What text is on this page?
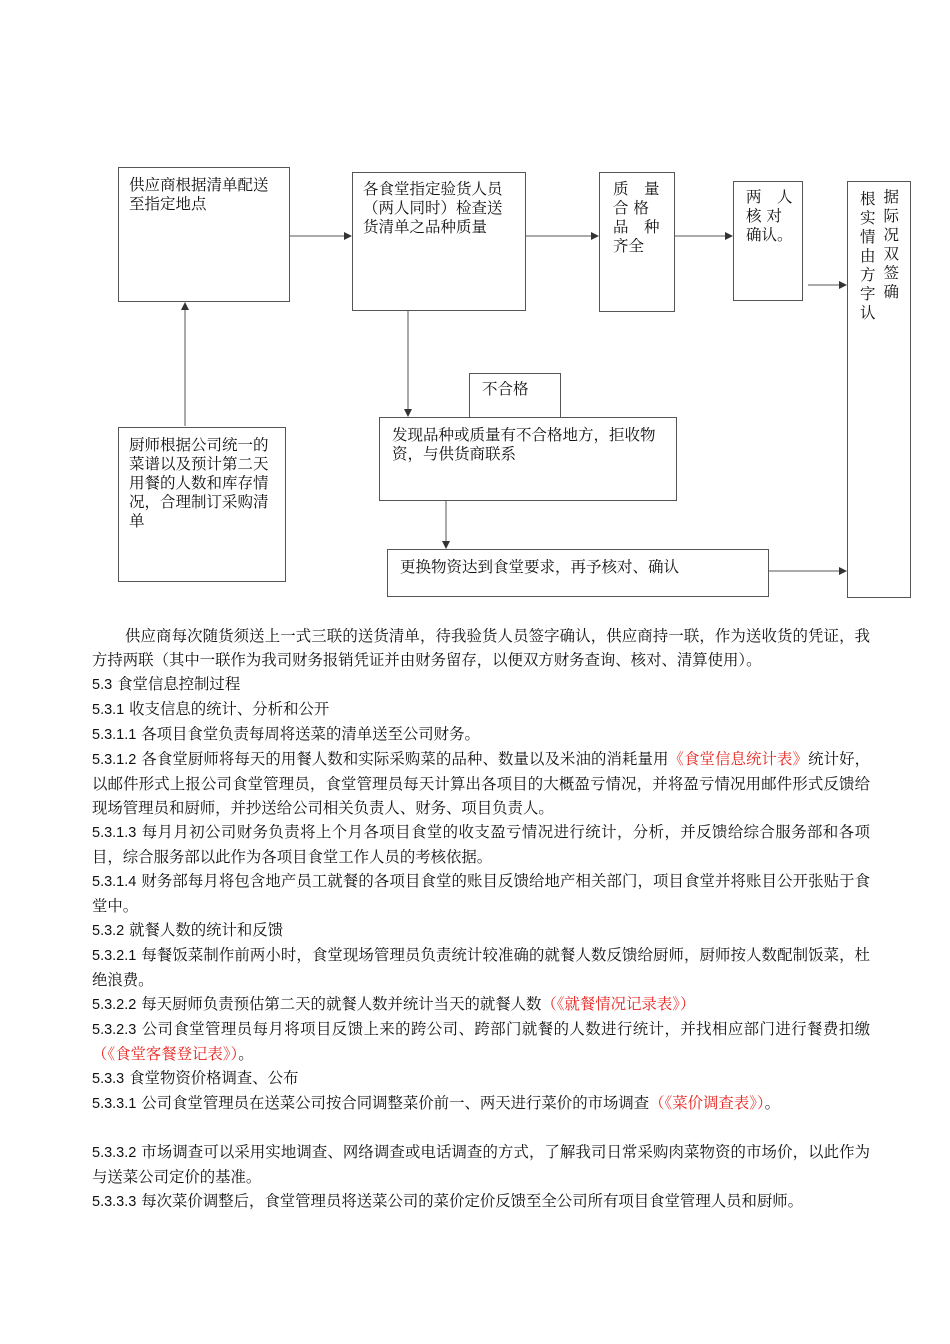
供应商根据清单配送至指定地点
各食堂指定验货人员（两人同时）检查送货清单之品种质量
质　量
合 格
品　种
齐全
两　人
核 对
确认。
根
实
情
由
方
字
认
据
际
况
双
签
确
厨师根据公司统一的菜谱以及预计第二天用餐的人数和库存情况，合理制订采购清单
不合格
发现品种或质量有不合格地方，拒收物资，与供货商联系
更换物资达到食堂要求，再予核对、确认

供应商每次随货须送上一式三联的送货清单，待我验货人员签字确认，供应商持一联，作为送收货的凭证，我方持两联（其中一联作为我司财务报销凭证并由财务留存，以便双方财务查询、核对、清算使用）。

5.3 食堂信息控制过程

5.3.1 收支信息的统计、分析和公开

5.3.1.1 各项目食堂负责每周将送菜的清单送至公司财务。

5.3.1.2 各食堂厨师将每天的用餐人数和实际采购菜的品种、数量以及米油的消耗量用《食堂信息统计表》统计好，以邮件形式上报公司食堂管理员，食堂管理员每天计算出各项目的大概盈亏情况，并将盈亏情况用邮件形式反馈给现场管理员和厨师，并抄送给公司相关负责人、财务、项目负责人。

5.3.1.3 每月月初公司财务负责将上个月各项目食堂的收支盈亏情况进行统计，分析，并反馈给综合服务部和各项目，综合服务部以此作为各项目食堂工作人员的考核依据。

5.3.1.4 财务部每月将包含地产员工就餐的各项目食堂的账目反馈给地产相关部门，项目食堂并将账目公开张贴于食堂中。

5.3.2 就餐人数的统计和反馈

5.3.2.1 每餐饭菜制作前两小时，食堂现场管理员负责统计较准确的就餐人数反馈给厨师，厨师按人数配制饭菜，杜绝浪费。

5.3.2.2 每天厨师负责预估第二天的就餐人数并统计当天的就餐人数（《就餐情况记录表》）

5.3.2.3 公司食堂管理员每月将项目反馈上来的跨公司、跨部门就餐的人数进行统计，并找相应部门进行餐费扣缴（《食堂客餐登记表》）。

5.3.3 食堂物资价格调查、公布

5.3.3.1 公司食堂管理员在送菜公司按合同调整菜价前一、两天进行菜价的市场调查（《菜价调查表》）。

5.3.3.2 市场调查可以采用实地调查、网络调查或电话调查的方式，了解我司日常采购肉菜物资的市场价，以此作为与送菜公司定价的基准。

5.3.3.3 每次菜价调整后，食堂管理员将送菜公司的菜价定价反馈至全公司所有项目食堂管理人员和厨师。
